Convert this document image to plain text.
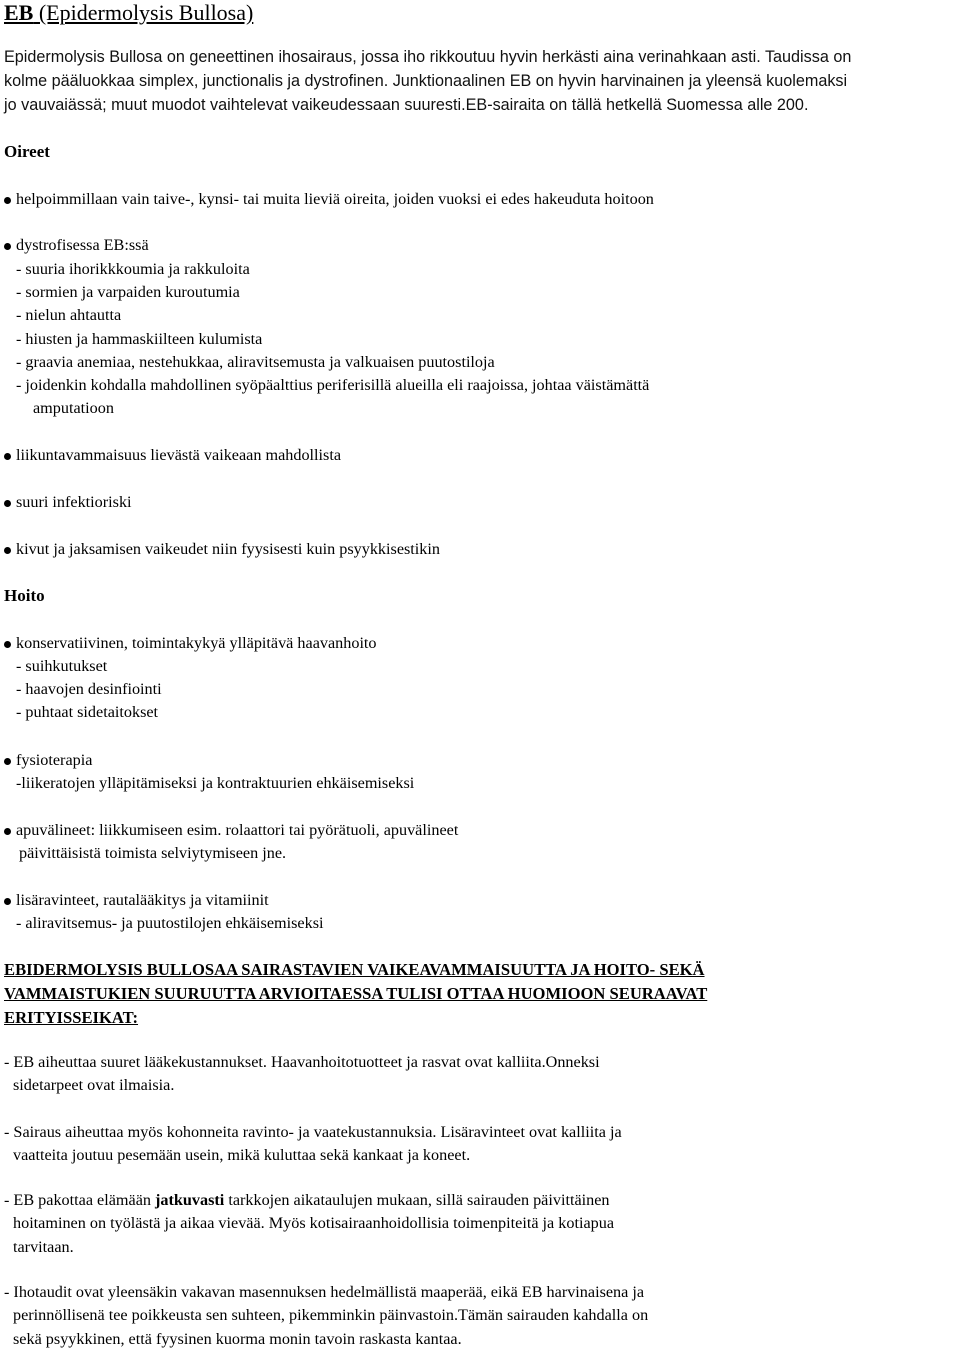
EB (Epidermolysis Bullosa)
Epidermolysis Bullosa on geneettinen ihosairaus, jossa iho rikkoutuu hyvin herkästi aina verinahkaan asti. Taudissa on
kolme pääluokkaa simplex, junctionalis ja dystrofinen. Junktionaalinen EB on hyvin harvinainen ja yleensä kuolemaksi
jo vauvaiässä; muut muodot vaihtelevat vaikeudessaan suuresti.EB-sairaita on tällä hetkellä Suomessa alle 200.
Oireet
helpoimmillaan vain taive-, kynsi- tai muita lieviä oireita, joiden vuoksi ei edes hakeuduta hoitoon
dystrofisessa EB:ssä
- suuria ihorikkkoumia ja rakkuloita
- sormien ja varpaiden kuroutumia
- nielun ahtautta
- hiusten ja hammaskiilteen kulumista
- graavia anemiaa, nestehukkaa, aliravitsemusta ja valkuaisen puutostiloja
- joidenkin kohdalla mahdollinen syöpäalttius periferisillä alueilla eli raajoissa, johtaa väistämättä
amputatioon
liikuntavammaisuus lievästä vaikeaan mahdollista
suuri infektioriski
kivut ja jaksamisen vaikeudet niin fyysisesti kuin psyykkisestikin
Hoito
konservatiivinen, toimintakykyä ylläpitävä haavanhoito
- suihkutukset
- haavojen desinfiointi
- puhtaat sidetaitokset
fysioterapia
-liikeratojen ylläpitämiseksi ja kontraktuurien ehkäisemiseksi
apuvälineet: liikkumiseen esim. rolaattori tai pyörätuoli, apuvälineet
päivittäisistä toimista selviytymiseen jne.
lisäravinteet, rautalääkitys ja vitamiinit
- aliravitsemus- ja puutostilojen ehkäisemiseksi
EBIDERMOLYSIS BULLOSAA SAIRASTAVIEN VAIKEAVAMMAISUUTTA JA HOITO- SEKÄ
VAMMAISTUKIEN SUURUUTTA ARVIOITAESSA TULISI OTTAA HUOMIOON SEURAAVAT
ERITYISSEIKAT:
- EB aiheuttaa suuret lääkekustannukset. Haavanhoitotuotteet ja rasvat ovat kalliita.Onneksi
sidetarpeet ovat ilmaisia.
- Sairaus aiheuttaa myös kohonneita ravinto- ja vaatekustannuksia. Lisäravinteet ovat kalliita ja
vaatteita joutuu pesemään usein, mikä kuluttaa sekä kankaat ja koneet.
- EB pakottaa elämään jatkuvasti tarkkojen aikataulujen mukaan, sillä sairauden päivittäinen
hoitaminen on työlästä ja aikaa vievää. Myös kotisairaanhoidollisia toimenpiteitä ja kotiapua
tarvitaan.
- Ihotaudit ovat yleensäkin vakavan masennuksen hedelmällistä maaperää, eikä EB harvinaisena ja
perinnöllisenä tee poikkeusta sen suhteen, pikemminkin päinvastoin.Tämän sairauden kahdalla on
sekä psyykkinen, että fyysinen kuorma monin tavoin raskasta kantaa.
